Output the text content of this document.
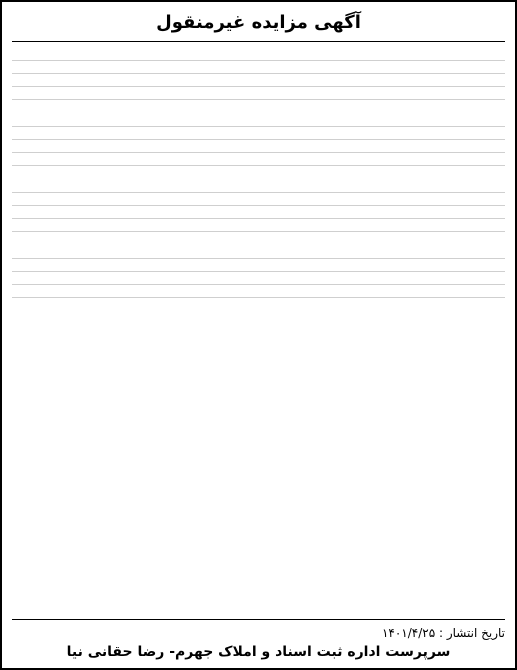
آگهی مزایده غیرمنقول
تاریخ انتشار : ۱۴۰۱/۴/۲۵
سرپرست اداره ثبت اسناد و املاک جهرم- رضا حقانی نیا
